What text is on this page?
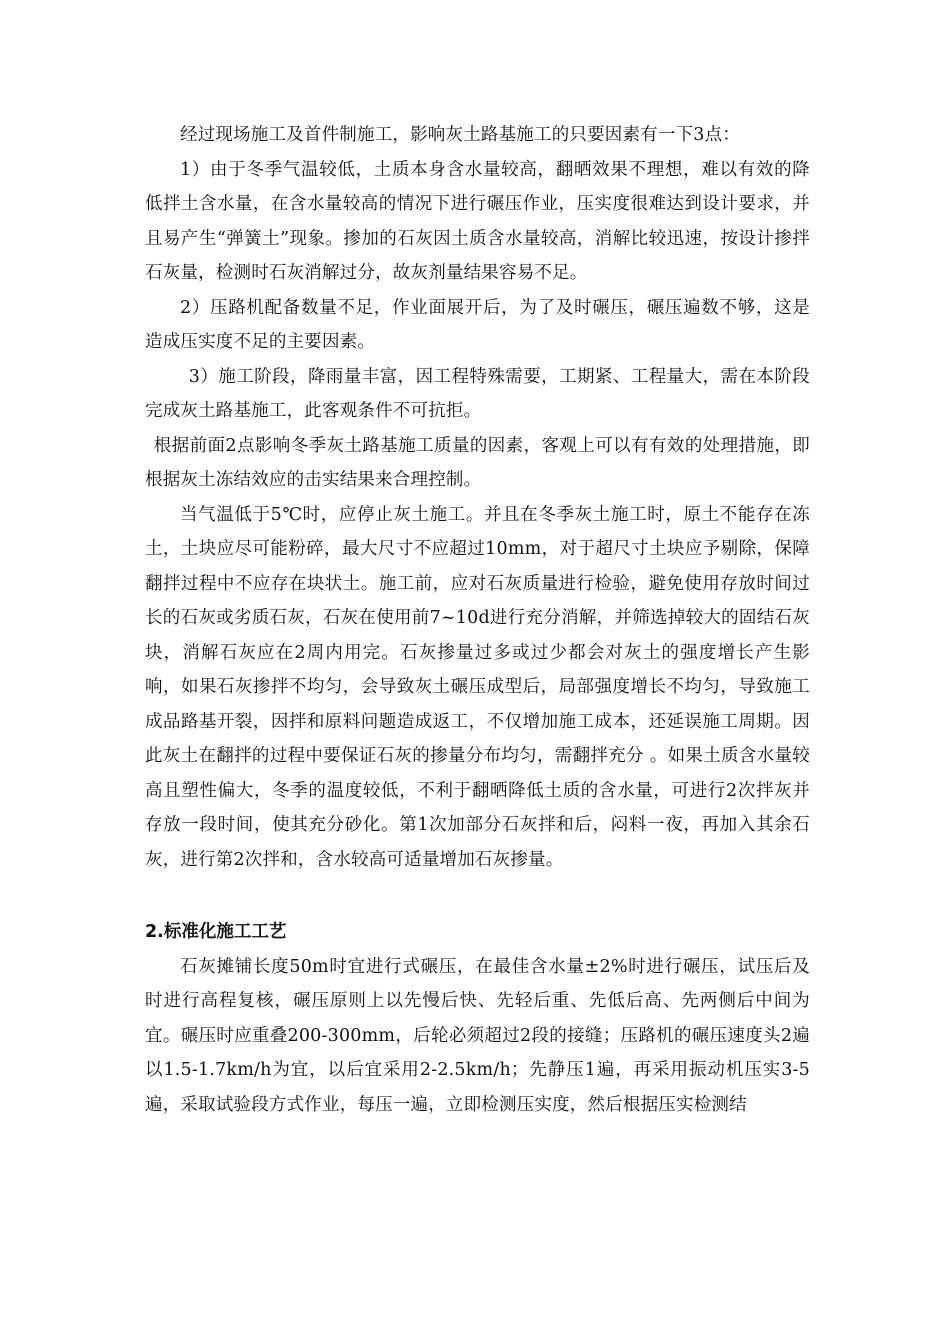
经过现场施工及首件制施工，影响灰土路基施工的只要因素有一下3点：

1）由于冬季气温较低，土质本身含水量较高，翻晒效果不理想，难以有效的降低拌土含水量，在含水量较高的情况下进行碾压作业，压实度很难达到设计要求，并且易产生“弹簧土”现象。掺加的石灰因土质含水量较高，消解比较迅速，按设计掺拌石灰量，检测时石灰消解过分，故灰剂量结果容易不足。

2）压路机配备数量不足，作业面展开后，为了及时碾压，碾压遍数不够，这是造成压实度不足的主要因素。

3）施工阶段，降雨量丰富，因工程特殊需要，工期紧、工程量大，需在本阶段完成灰土路基施工，此客观条件不可抗拒。

根据前面2点影响冬季灰土路基施工质量的因素，客观上可以有有效的处理措施，即根据灰土冻结效应的击实结果来合理控制。

当气温低于5℃时，应停止灰土施工。并且在冬季灰土施工时，原土不能存在冻土，土块应尽可能粉碎，最大尺寸不应超过10mm，对于超尺寸土块应予剔除，保障翻拌过程中不应存在块状土。施工前，应对石灰质量进行检验，避免使用存放时间过长的石灰或劣质石灰，石灰在使用前7~10d进行充分消解，并筛选掉较大的固结石灰块，消解石灰应在2周内用完。石灰掺量过多或过少都会对灰土的强度增长产生影响，如果石灰掺拌不均匀，会导致灰土碾压成型后，局部强度增长不均匀，导致施工成品路基开裂，因拌和原料问题造成返工，不仅增加施工成本，还延误施工周期。因此灰土在翻拌的过程中要保证石灰的掺量分布均匀，需翻拌充分 。如果土质含水量较高且塑性偏大，冬季的温度较低，不利于翻晒降低土质的含水量，可进行2次拌灰并存放一段时间，使其充分砂化。第1次加部分石灰拌和后，闷料一夜，再加入其余石灰，进行第2次拌和，含水较高可适量增加石灰掺量。

2.标准化施工工艺

石灰摊铺长度50m时宜进行式碾压，在最佳含水量±2%时进行碾压，试压后及时进行高程复核，碾压原则上以先慢后快、先轻后重、先低后高、先两侧后中间为宜。碾压时应重叠200-300mm，后轮必须超过2段的接缝；压路机的碾压速度头2遍以1.5-1.7km/h为宜，以后宜采用2-2.5km/h；先静压1遍，再采用振动机压实3-5遍，采取试验段方式作业，每压一遍，立即检测压实度，然后根据压实检测结
